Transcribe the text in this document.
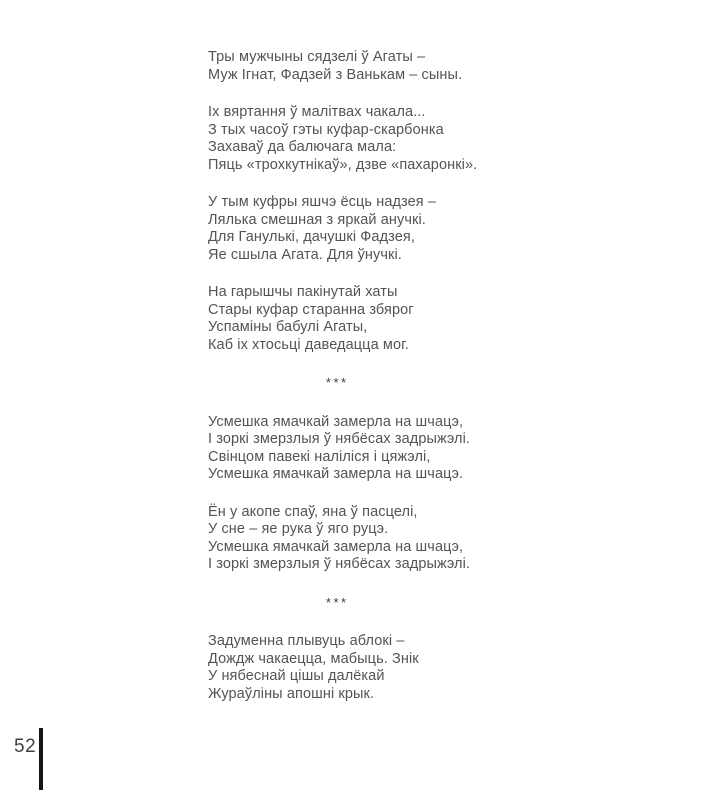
Тры мужчыны сядзелі ў Агаты –
Муж Ігнат, Фадзей з Ванькам – сыны.
Іх вяртання ў малітвах чакала...
З тых часоў гэты куфар-скарбонка
Захаваў да балючага мала:
Пяць «трохкутнікаў», дзве «пахаронкі».
У тым куфры яшчэ ёсць надзея –
Лялька смешная з яркай анучкі.
Для Ганулькі, дачушкі Фадзея,
Яе сшыла Агата. Для ўнучкі.
На гарышчы пакінутай хаты
Стары куфар старанна збярог
Успаміны бабулі Агаты,
Каб іх хтосьці даведацца мог.
***
Усмешка ямачкай замерла на шчацэ,
І зоркі змерзлыя ў нябёсах задрыжэлі.
Свінцом павекі наліліся і цяжэлі,
Усмешка ямачкай замерла на шчацэ.
Ён у акопе спаў, яна ў пасцелі,
У сне – яе рука ў яго руцэ.
Усмешка ямачкай замерла на шчацэ,
І зоркі змерзлыя ў нябёсах задрыжэлі.
***
Задуменна плывуць аблокі –
Дождж чакаецца, мабыць. Знік
У нябеснай цішы далёкай
Жураўліны апошні крык.
52
